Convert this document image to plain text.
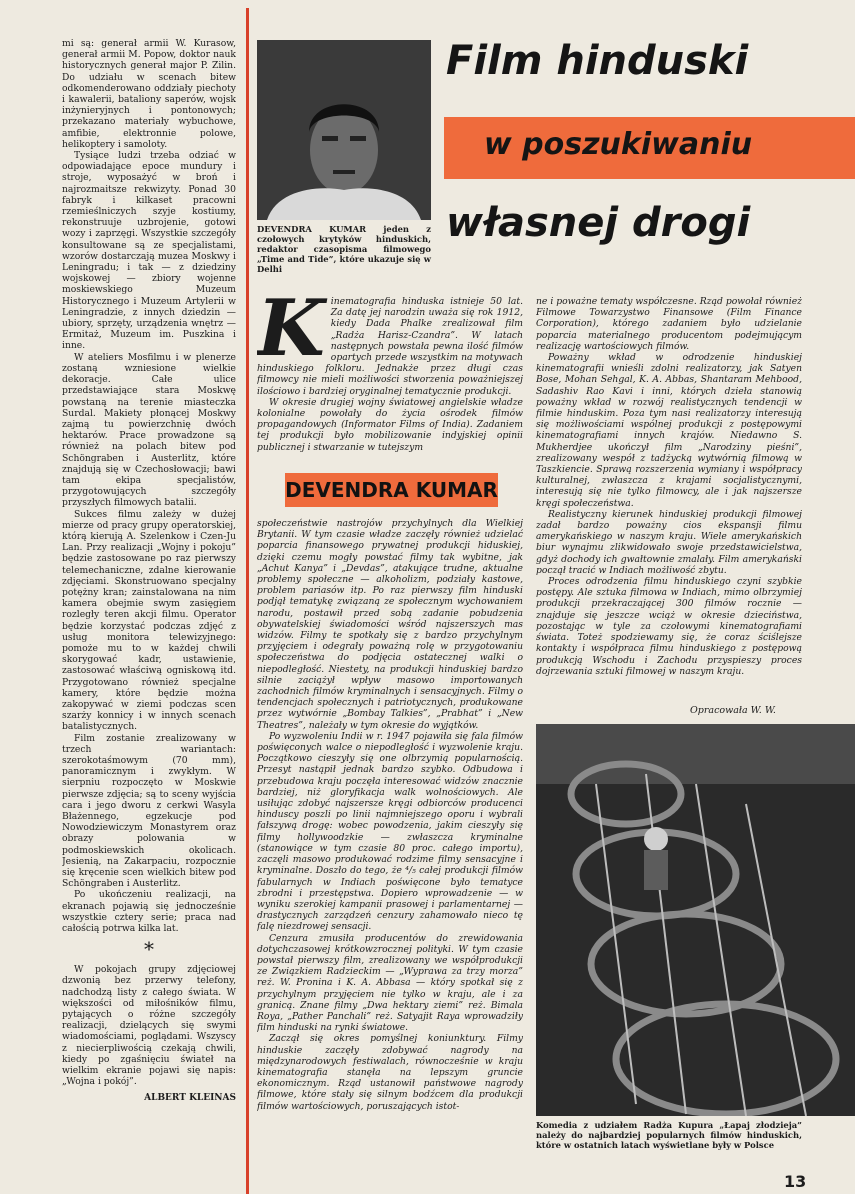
mi są: generał armii W. Kurasow, generał armii M. Popow, doktor nauk historycznych generał major P. Zilin. Do udziału w scenach bitew odkomenderowano oddziały piechoty i kawalerii, bataliony saperów, wojsk inżynieryjnych i pontonowych; przekazano materiały wybuchowe, amfibie, elektronnie polowe, helikoptery i samoloty.

Tysiące ludzi trzeba odziać w odpowiadające epoce mundury i stroje, wyposażyć w broń i najrozmaitsze rekwizyty. Ponad 30 fabryk i kilkaset pracowni rzemieślniczych szyje kostiumy, rekonstruuje uzbrojenie, gotowi wozy i zaprzęgi. Wszystkie szczegóły konsultowane są ze specjalistami, wzorów dostarczają muzea Moskwy i Leningradu; i tak — z dziedziny wojskowej — zbiory wojenne moskiewskiego Muzeum Historycznego i Muzeum Artylerii w Leningradzie, z innych dziedzin — ubiory, sprzęty, urządzenia wnętrz — Ermitaż, Muzeum im. Puszkina i inne.

W ateliers Mosfilmu i w plenerze zostaną wzniesione wielkie dekoracje. Całe ulice przedstawiające stara Moskwę powstaną na terenie miasteczka Surdal. Makiety płonącej Moskwy zajmą tu powierzchnię dwóch hektarów. Prace prowadzone są również na polach bitew pod Schöngraben i Austerlitz, które znajdują się w Czechosłowacji; bawi tam ekipa specjalistów, przygotowujących szczegóły przyszłych filmowych batalii.

Sukces filmu zależy w dużej mierze od pracy grupy operatorskiej, którą kierują A. Szelenkow i Czen-Ju Lan. Przy realizacji „Wojny i pokoju” będzie zastosowane po raz pierwszy telemechaniczne, zdalne kierowanie zdjęciami. Skonstruowano specjalny potężny kran; zainstalowana na nim kamera obejmie swym zasięgiem rozległy teren akcji filmu. Operator będzie korzystać podczas zdjęć z usług monitora telewizyjnego: pomoże mu to w każdej chwili skorygować kadr, ustawienie, zastosować właściwą ogniskową itd. Przygotowano również specjalne kamery, które będzie można zakopywać w ziemi podczas scen szarży konnicy i w innych scenach batalistycznych.

Film zostanie zrealizowany w trzech wariantach: szerokotaśmowym (70 mm), panoramicznym i zwykłym. W sierpniu rozpoczęto w Moskwie pierwsze zdjęcia; są to sceny wyjścia cara i jego dworu z cerkwi Wasyla Błażennego, egzekucje pod Nowodziewiczym Monastyrem oraz obrazy polowania w podmoskiewskich okolicach. Jesienią, na Zakarpaciu, rozpocznie się kręcenie scen wielkich bitew pod Schöngraben i Austerlitz.

Po ukończeniu realizacji, na ekranach pojawią się jednocześnie wszystkie cztery serie; praca nad całością potrwa kilka lat.

*

W pokojach grupy zdjęciowej dzwonią bez przerwy telefony, nadchodzą listy z całego świata. W większości od miłośników filmu, pytających o różne szczegóły realizacji, dzielących się swymi wiadomościami, poglądami. Wszyscy z niecierpliwością czekają chwili, kiedy po zgaśnięciu świateł na wielkim ekranie pojawi się napis: „Wojna i pokój”.

ALBERT KLEINAS
DEVENDRA KUMAR jeden z czołowych krytyków hinduskich, redaktor czasopisma filmowego „Time and Tide”, które ukazuje się w Delhi
Film hinduski
w poszukiwaniu
własnej drogi
K inematografia hinduska istnieje 50 lat. Za datę jej narodzin uważa się rok 1912, kiedy Dada Phalke zrealizował film „Radża Harisz-Czandra”. W latach następnych powstała pewna ilość filmów opartych przede wszystkim na motywach hinduskiego folkloru. Jednakże przez długi czas filmowcy nie mieli możliwości stworzenia poważniejszej ilościowo i bardziej oryginalnej tematycznie produkcji.

W okresie drugiej wojny światowej angielskie władze kolonialne powołały do życia ośrodek filmów propagandowych (Informator Films of India). Zadaniem tej produkcji było mobilizowanie indyjskiej opinii publicznej i stwarzanie w tutejszym

DEVENDRA KUMAR

społeczeństwie nastrojów przychylnych dla Wielkiej Brytanii. W tym czasie władze zaczęły również udzielać poparcia finansowego prywatnej produkcji hiduskiej, dzięki czemu mogły powstać filmy tak wybitne, jak „Achut Kanya” i „Devdas”, atakujące trudne, aktualne problemy społeczne — alkoholizm, podziały kastowe, problem pariasów itp. Po raz pierwszy film hinduski podjął tematykę związaną ze społecznym wychowaniem narodu, postawił przed sobą zadanie pobudzenia obywatelskiej świadomości wśród najszerszych mas widzów. Filmy te spotkały się z bardzo przychylnym przyjęciem i odegrały poważną rolę w przygotowaniu społeczeństwa do podjęcia ostatecznej walki o niepodległość. Niestety, na produkcji hinduskiej bardzo silnie zaciążył wpływ masowo importowanych zachodnich filmów kryminalnych i sensacyjnych. Filmy o tendencjach społecznych i patriotycznych, produkowane przez wytwórnie „Bombay Talkies”, „Prabhat” i „New Theatres”, należały w tym okresie do wyjątków.

Po wyzwoleniu Indii w r. 1947 pojawiła się fala filmów poświęconych walce o niepodległość i wyzwolenie kraju. Początkowo cieszyły się one olbrzymią popularnością. Przesyt nastąpił jednak bardzo szybko. Odbudowa i przebudowa kraju poczęła interesować widzów znacznie bardziej, niż gloryfikacja walk wolnościowych. Ale usiłując zdobyć najszersze kręgi odbiorców producenci hinduscy poszli po linii najmniejszego oporu i wybrali fałszywą drogę: wobec powodzenia, jakim cieszyły się filmy hollywoodzkie — zwłaszcza kryminalne (stanowiące w tym czasie 80 proc. całego importu), zaczęli masowo produkować rodzime filmy sensacyjne i kryminalne. Doszło do tego, że ⁴/₅ całej produkcji filmów fabularnych w Indiach poświęcone było tematyce zbrodni i przestępstwa. Dopiero wprowadzenie — w wyniku szerokiej kampanii prasowej i parlamentarnej — drastycznych zarządzeń cenzury zahamowało nieco tę falę niezdrowej sensacji.

Cenzura zmusiła producentów do zrewidowania dotychczasowej krótkowzrocznej polityki. W tym czasie powstał pierwszy film, zrealizowany we współprodukcji ze Związkiem Radzieckim — „Wyprawa za trzy morza” reż. W. Pronina i K. A. Abbasa — który spotkał się z przychylnym przyjęciem nie tylko w kraju, ale i za granicą. Znane filmy „Dwa hektary ziemi” reż. Bimala Roya, „Pather Panchali” reż. Satyajit Raya wprowadziły film hinduski na rynki światowe.

Zaczął się okres pomyślnej koniunktury. Filmy hinduskie zaczęły zdobywać nagrody na międzynarodowych festiwalach, równocześnie w kraju kinematografia stanęła na lepszym gruncie ekonomicznym. Rząd ustanowił państwowe nagrody filmowe, które stały się silnym bodźcem dla produkcji filmów wartościowych, poruszających istot-

ne i poważne tematy współczesne. Rząd powołał również Filmowe Towarzystwo Finansowe (Film Finance Corporation), którego zadaniem było udzielanie poparcia materialnego producentom podejmującym realizację wartościowych filmów.

Poważny wkład w odrodzenie hinduskiej kinematografii wnieśli zdolni realizatorzy, jak Satyen Bose, Mohan Sehgal, K. A. Abbas, Shantaram Mehbood, Sadashiv Rao Kavi i inni, których dzieła stanowią poważny wkład w rozwój realistycznych tendencji w filmie hinduskim. Poza tym nasi realizatorzy interesują się możliwościami wspólnej produkcji z postępowymi kinematografiami innych krajów. Niedawno S. Mukherdjee ukończył film „Narodziny pieśni”, zrealizowany wespół z tadżycką wytwórnią filmową w Taszkiencie. Sprawą rozszerzenia wymiany i współpracy kulturalnej, zwłaszcza z krajami socjalistycznymi, interesują się nie tylko filmowcy, ale i jak najszersze kręgi społeczeństwa.

Realistyczny kierunek hinduskiej produkcji filmowej zadał bardzo poważny cios ekspansji filmu amerykańskiego w naszym kraju. Wiele amerykańskich biur wynajmu zlikwidowało swoje przedstawicielstwa, gdyż dochody ich gwałtownie zmalały. Film amerykański począł tracić w Indiach możliwość zbytu.

Proces odrodzenia filmu hinduskiego czyni szybkie postępy. Ale sztuka filmowa w Indiach, mimo olbrzymiej produkcji przekraczającej 300 filmów rocznie — znajduje się jeszcze wciąż w okresie dzieciństwa, pozostając w tyle za czołowymi kinematografiami świata. Toteż spodziewamy się, że coraz ściślejsze kontakty i współpraca filmu hinduskiego z postępową produkcją Wschodu i Zachodu przyspieszy proces dojrzewania sztuki filmowej w naszym kraju.

Opracowała W. W.
Komedia z udziałem Radża Kupura „Łapaj złodzieja” należy do najbardziej popularnych filmów hinduskich, które w ostatnich latach wyświetlane były w Polsce
13
